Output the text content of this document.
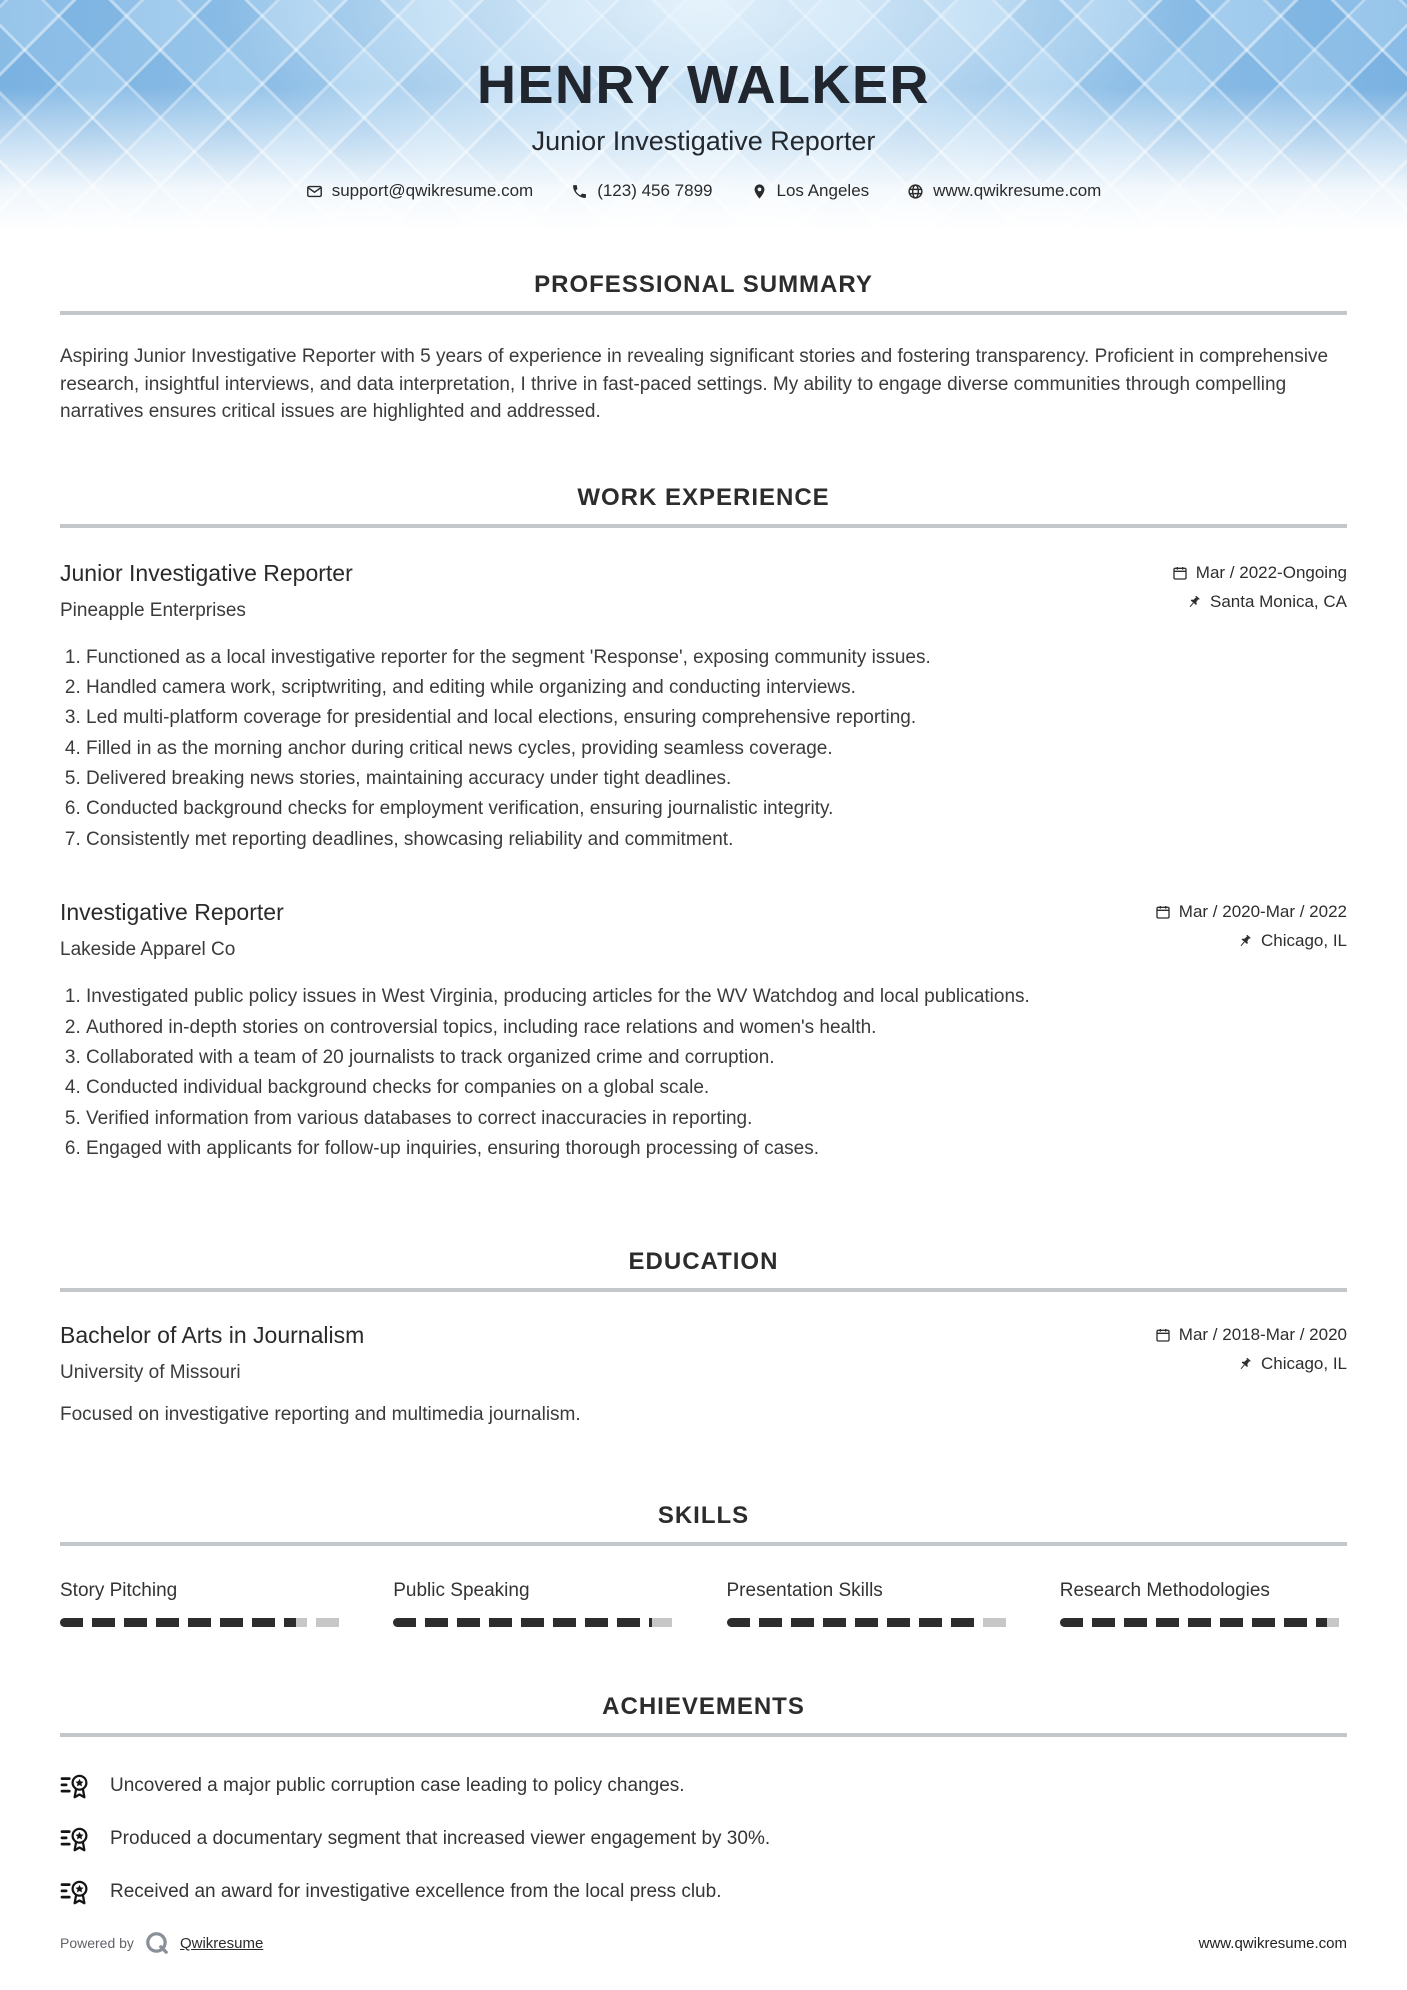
HENRY WALKER
Junior Investigative Reporter
support@qwikresume.com	(123) 456 7899	Los Angeles	www.qwikresume.com
PROFESSIONAL SUMMARY

Aspiring Junior Investigative Reporter with 5 years of experience in revealing significant stories and fostering transparency. Proficient in comprehensive research, insightful interviews, and data interpretation, I thrive in fast-paced settings. My ability to engage diverse communities through compelling narratives ensures critical issues are highlighted and addressed.

WORK EXPERIENCE
Junior Investigative Reporter
Pineapple Enterprises
Mar / 2022-Ongoing
Santa Monica, CA
1. Functioned as a local investigative reporter for the segment 'Response', exposing community issues.
2. Handled camera work, scriptwriting, and editing while organizing and conducting interviews.
3. Led multi-platform coverage for presidential and local elections, ensuring comprehensive reporting.
4. Filled in as the morning anchor during critical news cycles, providing seamless coverage.
5. Delivered breaking news stories, maintaining accuracy under tight deadlines.
6. Conducted background checks for employment verification, ensuring journalistic integrity.
7. Consistently met reporting deadlines, showcasing reliability and commitment.
Investigative Reporter
Lakeside Apparel Co
Mar / 2020-Mar / 2022
Chicago, IL
1. Investigated public policy issues in West Virginia, producing articles for the WV Watchdog and local publications.
2. Authored in-depth stories on controversial topics, including race relations and women's health.
3. Collaborated with a team of 20 journalists to track organized crime and corruption.
4. Conducted individual background checks for companies on a global scale.
5. Verified information from various databases to correct inaccuracies in reporting.
6. Engaged with applicants for follow-up inquiries, ensuring thorough processing of cases.
EDUCATION
Bachelor of Arts in Journalism
University of Missouri
Mar / 2018-Mar / 2020
Chicago, IL

Focused on investigative reporting and multimedia journalism.

SKILLS
Story Pitching	Public Speaking	Presentation Skills	Research Methodologies
ACHIEVEMENTS
Uncovered a major public corruption case leading to policy changes.
Produced a documentary segment that increased viewer engagement by 30%.
Received an award for investigative excellence from the local press club.
Powered by	Qwikresume	www.qwikresume.com
